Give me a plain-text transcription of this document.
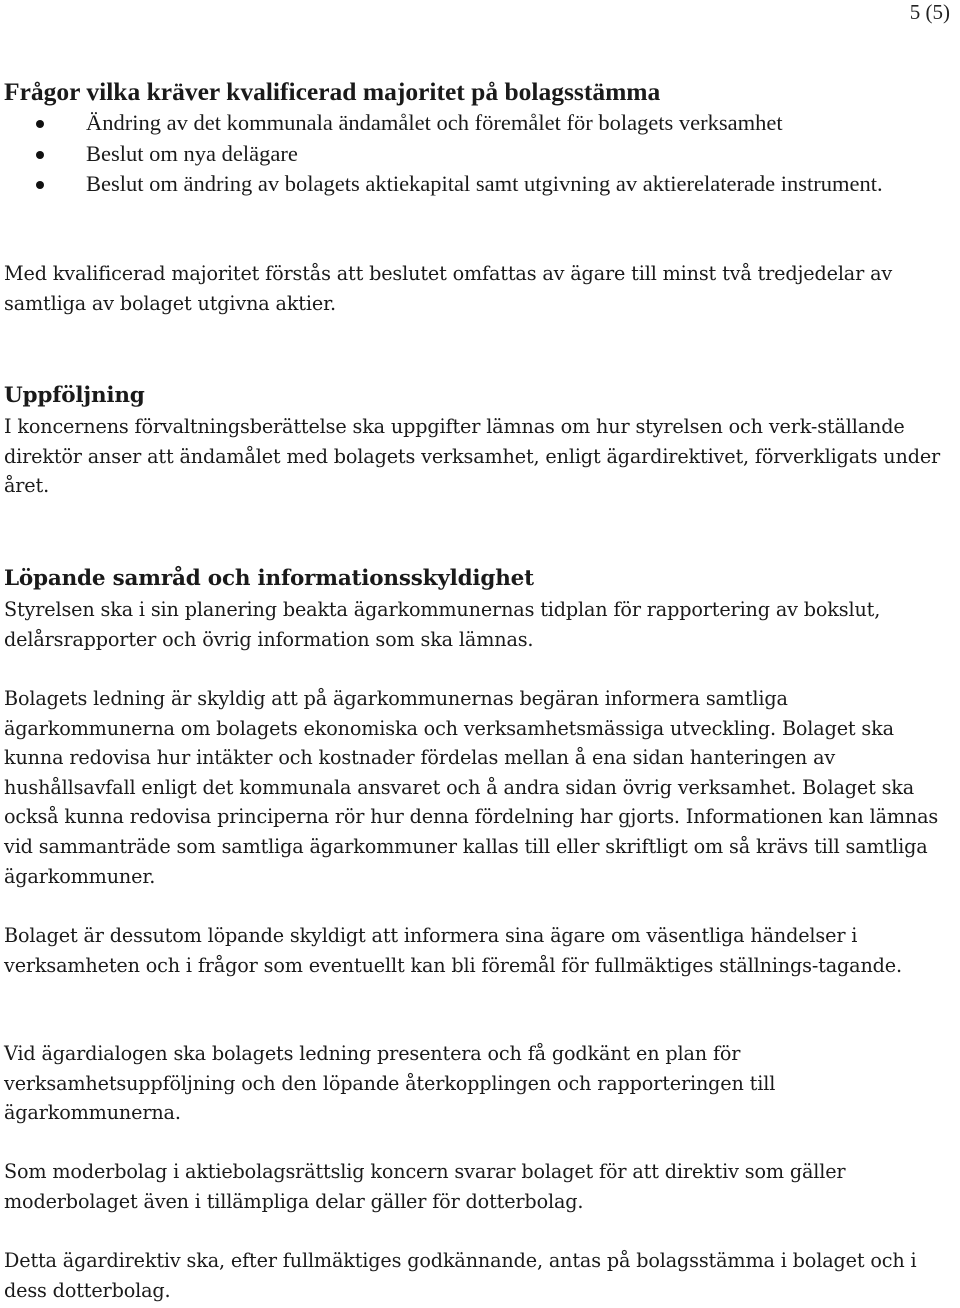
5 (5)
Frågor vilka kräver kvalificerad majoritet på bolagsstämma
Ändring av det kommunala ändamålet och föremålet för bolagets verksamhet
Beslut om nya delägare
Beslut om ändring av bolagets aktiekapital samt utgivning av aktierelaterade instrument.

Med kvalificerad majoritet förstås att beslutet omfattas av ägare till minst två tredjedelar av samtliga av bolaget utgivna aktier.

Uppföljning

I koncernens förvaltningsberättelse ska uppgifter lämnas om hur styrelsen och verk-ställande direktör anser att ändamålet med bolagets verksamhet, enligt ägardirektivet, förverkligats under året.

Löpande samråd och informationsskyldighet

Styrelsen ska i sin planering beakta ägarkommunernas tidplan för rapportering av bokslut, delårsrapporter och övrig information som ska lämnas.

Bolagets ledning är skyldig att på ägarkommunernas begäran informera samtliga ägarkommunerna om bolagets ekonomiska och verksamhetsmässiga utveckling. Bolaget ska kunna redovisa hur intäkter och kostnader fördelas mellan å ena sidan hanteringen av hushållsavfall enligt det kommunala ansvaret och å andra sidan övrig verksamhet. Bolaget ska också kunna redovisa principerna rör hur denna fördelning har gjorts. Informationen kan lämnas vid sammanträde som samtliga ägarkommuner kallas till eller skriftligt om så krävs till samtliga ägarkommuner.

Bolaget är dessutom löpande skyldigt att informera sina ägare om väsentliga händelser i verksamheten och i frågor som eventuellt kan bli föremål för fullmäktiges ställnings-tagande.

Vid ägardialogen ska bolagets ledning presentera och få godkänt en plan för verksamhetsuppföljning och den löpande återkopplingen och rapporteringen till ägarkommunerna.

Som moderbolag i aktiebolagsrättslig koncern svarar bolaget för att direktiv som gäller moderbolaget även i tillämpliga delar gäller för dotterbolag.

Detta ägardirektiv ska, efter fullmäktiges godkännande, antas på bolagsstämma i bolaget och i dess dotterbolag.
